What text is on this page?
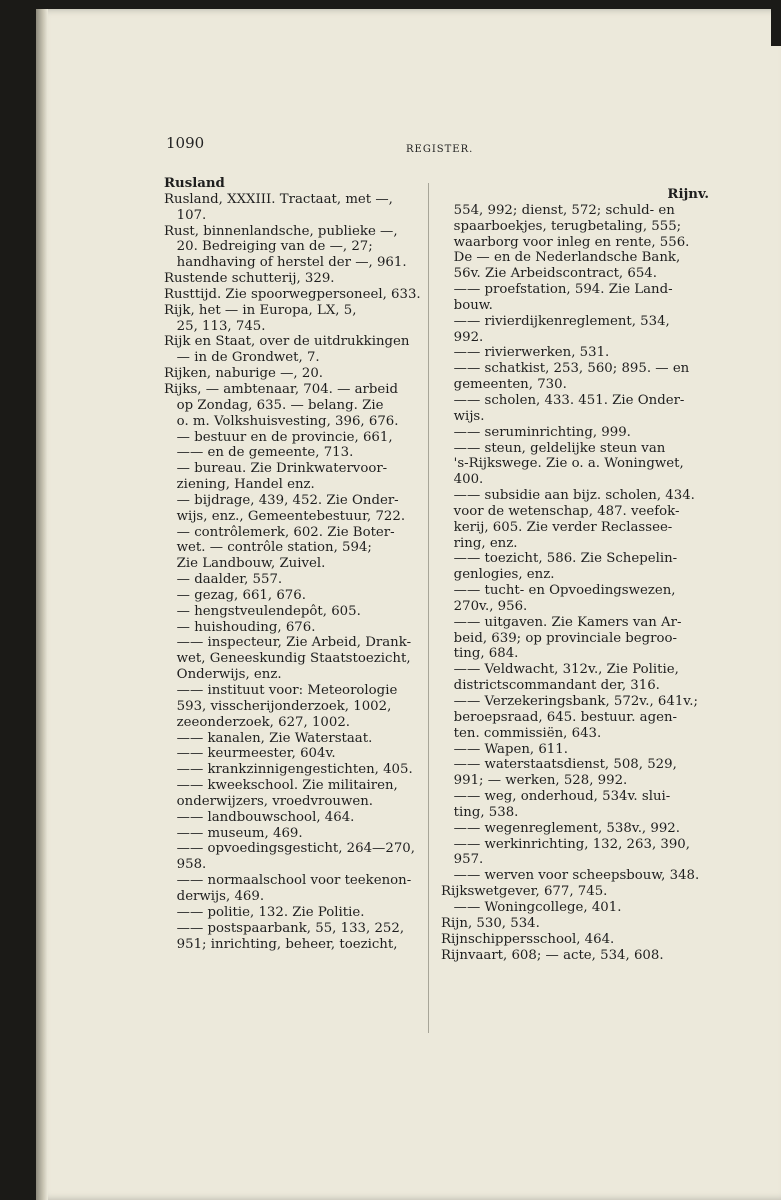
1090	REGISTER.
Rusland
Rusland, XXXIII. Tractaat, met —,
107.
Rust, binnenlandsche, publieke —,
20. Bedreiging van de —, 27;
handhaving of herstel der —, 961.
Rustende schutterij, 329.
Rusttijd. Zie spoorwegpersoneel, 633.
Rijk, het — in Europa, LX, 5,
25, 113, 745.
Rijk en Staat, over de uitdrukkingen
— in de Grondwet, 7.
Rijken, naburige —, 20.
Rijks, — ambtenaar, 704. — arbeid
op Zondag, 635. — belang. Zie
o. m. Volkshuisvesting, 396, 676.
— bestuur en de provincie, 661,
—— en de gemeente, 713.
— bureau. Zie Drinkwatervoor-
ziening, Handel enz.
— bijdrage, 439, 452. Zie Onder-
wijs, enz., Gemeentebestuur, 722.
— contrôlemerk, 602. Zie Boter-
wet. — contrôle station, 594;
Zie Landbouw, Zuivel.
— daalder, 557.
— gezag, 661, 676.
— hengstveulendepôt, 605.
— huishouding, 676.
—— inspecteur, Zie Arbeid, Drank-
wet, Geneeskundig Staatstoezicht,
Onderwijs, enz.
—— instituut voor: Meteorologie
593, visscherijonderzoek, 1002,
zeeonderzoek, 627, 1002.
—— kanalen, Zie Waterstaat.
—— keurmeester, 604v.
—— krankzinnigengestichten, 405.
—— kweekschool. Zie militairen,
onderwijzers, vroedvrouwen.
—— landbouwschool, 464.
—— museum, 469.
—— opvoedingsgesticht, 264—270,
958.
—— normaalschool voor teekenon-
derwijs, 469.
—— politie, 132. Zie Politie.
—— postspaarbank, 55, 133, 252,
951; inrichting, beheer, toezicht,
Rijnv.
554, 992; dienst, 572; schuld- en
spaarboekjes, terugbetaling, 555;
waarborg voor inleg en rente, 556.
De — en de Nederlandsche Bank,
56v. Zie Arbeidscontract, 654.
—— proefstation, 594. Zie Land-
bouw.
—— rivierdijkenreglement, 534,
992.
—— rivierwerken, 531.
—— schatkist, 253, 560; 895. — en
gemeenten, 730.
—— scholen, 433. 451. Zie Onder-
wijs.
—— seruminrichting, 999.
—— steun, geldelijke steun van
's-Rijkswege. Zie o. a. Woningwet,
400.
—— subsidie aan bijz. scholen, 434.
voor de wetenschap, 487. veefok-
kerij, 605. Zie verder Reclassee-
ring, enz.
—— toezicht, 586. Zie Schepelin-
genlogies, enz.
—— tucht- en Opvoedingswezen,
270v., 956.
—— uitgaven. Zie Kamers van Ar-
beid, 639; op provinciale begroo-
ting, 684.
—— Veldwacht, 312v., Zie Politie,
districtscommandant der, 316.
—— Verzekeringsbank, 572v., 641v.;
beroepsraad, 645. bestuur. agen-
ten. commissiën, 643.
—— Wapen, 611.
—— waterstaatsdienst, 508, 529,
991; — werken, 528, 992.
—— weg, onderhoud, 534v. slui-
ting, 538.
—— wegenreglement, 538v., 992.
—— werkinrichting, 132, 263, 390,
957.
—— werven voor scheepsbouw, 348.
Rijkswetgever, 677, 745.
—— Woningcollege, 401.
Rijn, 530, 534.
Rijnschippersschool, 464.
Rijnvaart, 608; — acte, 534, 608.
